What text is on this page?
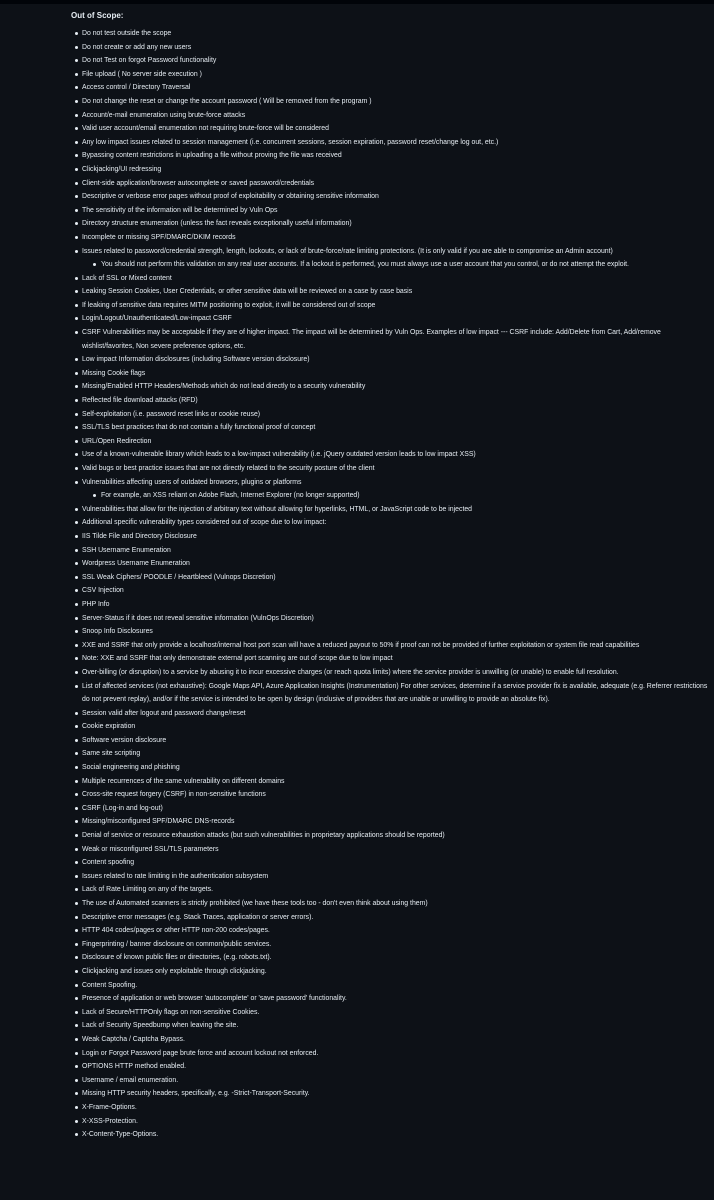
Out of Scope:
Do not test outside the scope
Do not create or add any new users
Do not Test on forgot Password functionality
File upload ( No server side execution )
Access control / Directory Traversal
Do not change the reset or change the account password ( Will be removed from the program )
Account/e-mail enumeration using brute-force attacks
Valid user account/email enumeration not requiring brute-force will be considered
Any low impact issues related to session management (i.e. concurrent sessions, session expiration, password reset/change log out, etc.)
Bypassing content restrictions in uploading a file without proving the file was received
Clickjacking/UI redressing
Client-side application/browser autocomplete or saved password/credentials
Descriptive or verbose error pages without proof of exploitability or obtaining sensitive information
The sensitivity of the information will be determined by Vuln Ops
Directory structure enumeration (unless the fact reveals exceptionally useful information)
Incomplete or missing SPF/DMARC/DKIM records
Issues related to password/credential strength, length, lockouts, or lack of brute-force/rate limiting protections. (It is only valid if you are able to compromise an Admin account)
You should not perform this validation on any real user accounts. If a lockout is performed, you must always use a user account that you control, or do not attempt the exploit.
Lack of SSL or Mixed content
Leaking Session Cookies, User Credentials, or other sensitive data will be reviewed on a case by case basis
If leaking of sensitive data requires MITM positioning to exploit, it will be considered out of scope
Login/Logout/Unauthenticated/Low-impact CSRF
CSRF Vulnerabilities may be acceptable if they are of higher impact. The impact will be determined by Vuln Ops. Examples of low impact --- CSRF include: Add/Delete from Cart, Add/remove wishlist/favorites, Non severe preference options, etc.
Low impact Information disclosures (including Software version disclosure)
Missing Cookie flags
Missing/Enabled HTTP Headers/Methods which do not lead directly to a security vulnerability
Reflected file download attacks (RFD)
Self-exploitation (i.e. password reset links or cookie reuse)
SSL/TLS best practices that do not contain a fully functional proof of concept
URL/Open Redirection
Use of a known-vulnerable library which leads to a low-impact vulnerability (i.e. jQuery outdated version leads to low impact XSS)
Valid bugs or best practice issues that are not directly related to the security posture of the client
Vulnerabilities affecting users of outdated browsers, plugins or platforms
For example, an XSS reliant on Adobe Flash, Internet Explorer (no longer supported)
Vulnerabilities that allow for the injection of arbitrary text without allowing for hyperlinks, HTML, or JavaScript code to be injected
Additional specific vulnerability types considered out of scope due to low impact:
IIS Tilde File and Directory Disclosure
SSH Username Enumeration
Wordpress Username Enumeration
SSL Weak Ciphers/ POODLE / Heartbleed (Vulnops Discretion)
CSV Injection
PHP Info
Server-Status if it does not reveal sensitive information (VulnOps Discretion)
Snoop Info Disclosures
XXE and SSRF that only provide a localhost/internal host port scan will have a reduced payout to 50% if proof can not be provided of further exploitation or system file read capabilities
Note: XXE and SSRF that only demonstrate external port scanning are out of scope due to low impact
Over-billing (or disruption) to a service by abusing it to incur excessive charges (or reach quota limits) where the service provider is unwilling (or unable) to enable full resolution.
List of affected services (not exhaustive): Google Maps API, Azure Application Insights (Instrumentation) For other services, determine if a service provider fix is available, adequate (e.g. Referrer restrictions do not prevent replay), and/or if the service is intended to be open by design (inclusive of providers that are unable or unwilling to provide an absolute fix).
Session valid after logout and password change/reset
Cookie expiration
Software version disclosure
Same site scripting
Social engineering and phishing
Multiple recurrences of the same vulnerability on different domains
Cross-site request forgery (CSRF) in non-sensitive functions
CSRF (Log-in and log-out)
Missing/misconfigured SPF/DMARC DNS-records
Denial of service or resource exhaustion attacks (but such vulnerabilities in proprietary applications should be reported)
Weak or misconfigured SSL/TLS parameters
Content spoofing
Issues related to rate limiting in the authentication subsystem
Lack of Rate Limiting on any of the targets.
The use of Automated scanners is strictly prohibited (we have these tools too - don't even think about using them)
Descriptive error messages (e.g. Stack Traces, application or server errors).
HTTP 404 codes/pages or other HTTP non-200 codes/pages.
Fingerprinting / banner disclosure on common/public services.
Disclosure of known public files or directories, (e.g. robots.txt).
Clickjacking and issues only exploitable through clickjacking.
Content Spoofing.
Presence of application or web browser 'autocomplete' or 'save password' functionality.
Lack of Secure/HTTPOnly flags on non-sensitive Cookies.
Lack of Security Speedbump when leaving the site.
Weak Captcha / Captcha Bypass.
Login or Forgot Password page brute force and account lockout not enforced.
OPTIONS HTTP method enabled.
Username / email enumeration.
Missing HTTP security headers, specifically, e.g. -Strict-Transport-Security.
X-Frame-Options.
X-XSS-Protection.
X-Content-Type-Options.
